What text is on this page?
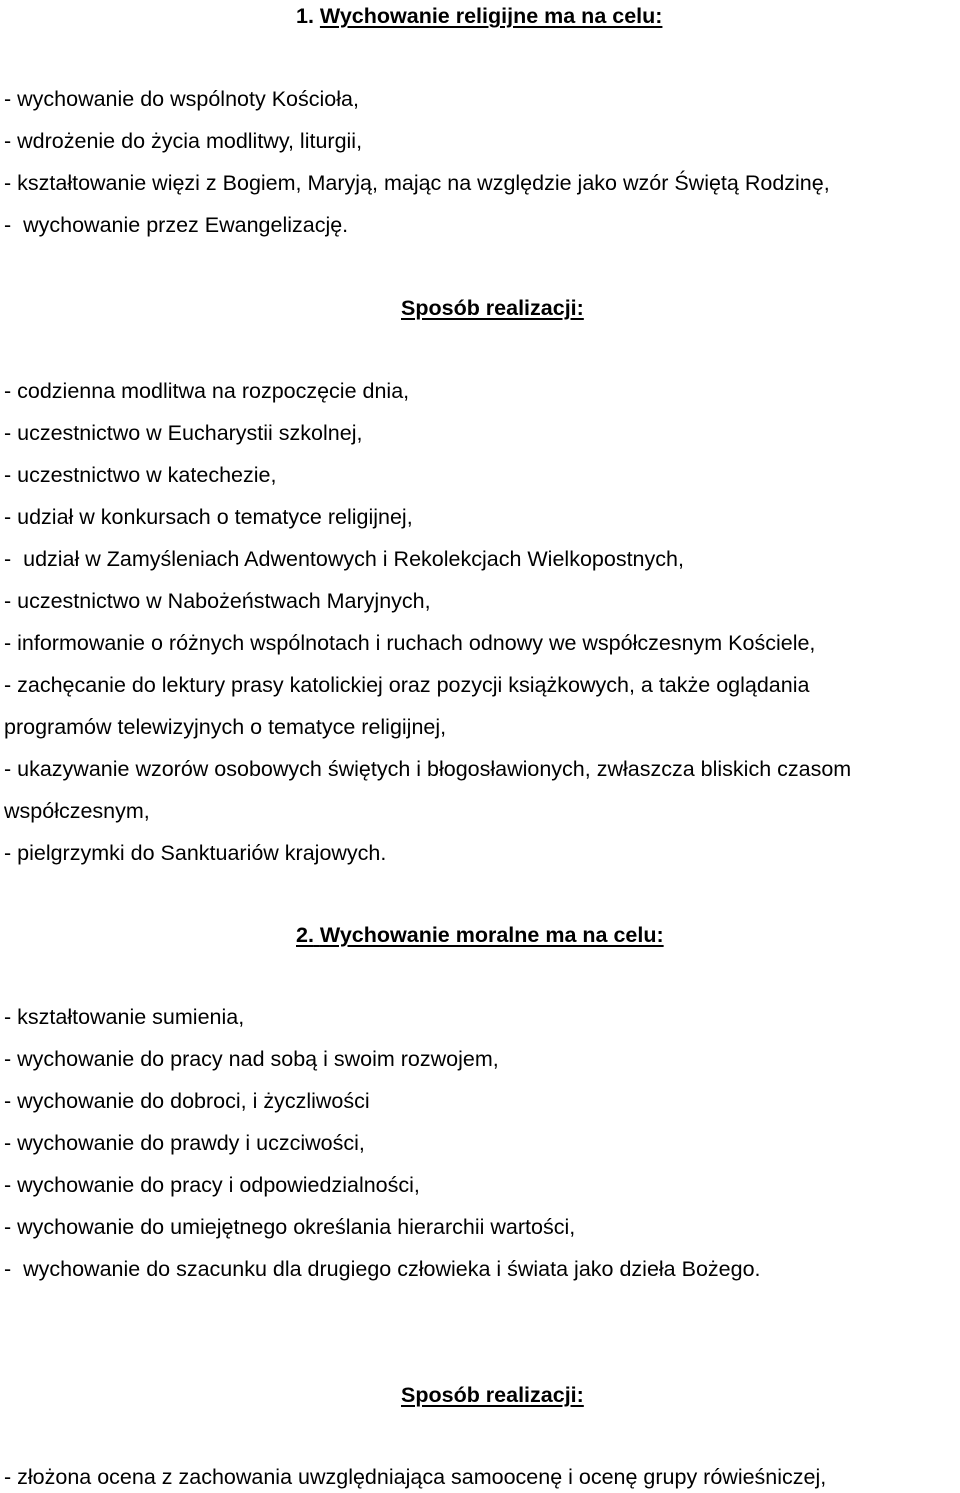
1. Wychowanie religijne ma na celu:
- wychowanie do wspólnoty Kościoła,
- wdrożenie do życia modlitwy, liturgii,
- kształtowanie więzi z Bogiem, Maryją, mając na względzie jako wzór Świętą Rodzinę,
-  wychowanie przez Ewangelizację.
Sposób realizacji:
- codzienna modlitwa na rozpoczęcie dnia,
- uczestnictwo w Eucharystii szkolnej,
- uczestnictwo w katechezie,
- udział w konkursach o tematyce religijnej,
-  udział w Zamyśleniach Adwentowych i Rekolekcjach Wielkopostnych,
- uczestnictwo w Nabożeństwach Maryjnych,
- informowanie o różnych wspólnotach i ruchach odnowy we współczesnym Kościele,
- zachęcanie do lektury prasy katolickiej oraz pozycji książkowych, a także oglądania
programów telewizyjnych o tematyce religijnej,
- ukazywanie wzorów osobowych świętych i błogosławionych, zwłaszcza bliskich czasom
współczesnym,
- pielgrzymki do Sanktuariów krajowych.
2. Wychowanie moralne ma na celu:
- kształtowanie sumienia,
- wychowanie do pracy nad sobą i swoim rozwojem,
- wychowanie do dobroci, i życzliwości
- wychowanie do prawdy i uczciwości,
- wychowanie do pracy i odpowiedzialności,
- wychowanie do umiejętnego określania hierarchii wartości,
-  wychowanie do szacunku dla drugiego człowieka i świata jako dzieła Bożego.
Sposób realizacji:
- złożona ocena z zachowania uwzględniająca samoocenę i ocenę grupy rówieśniczej,
